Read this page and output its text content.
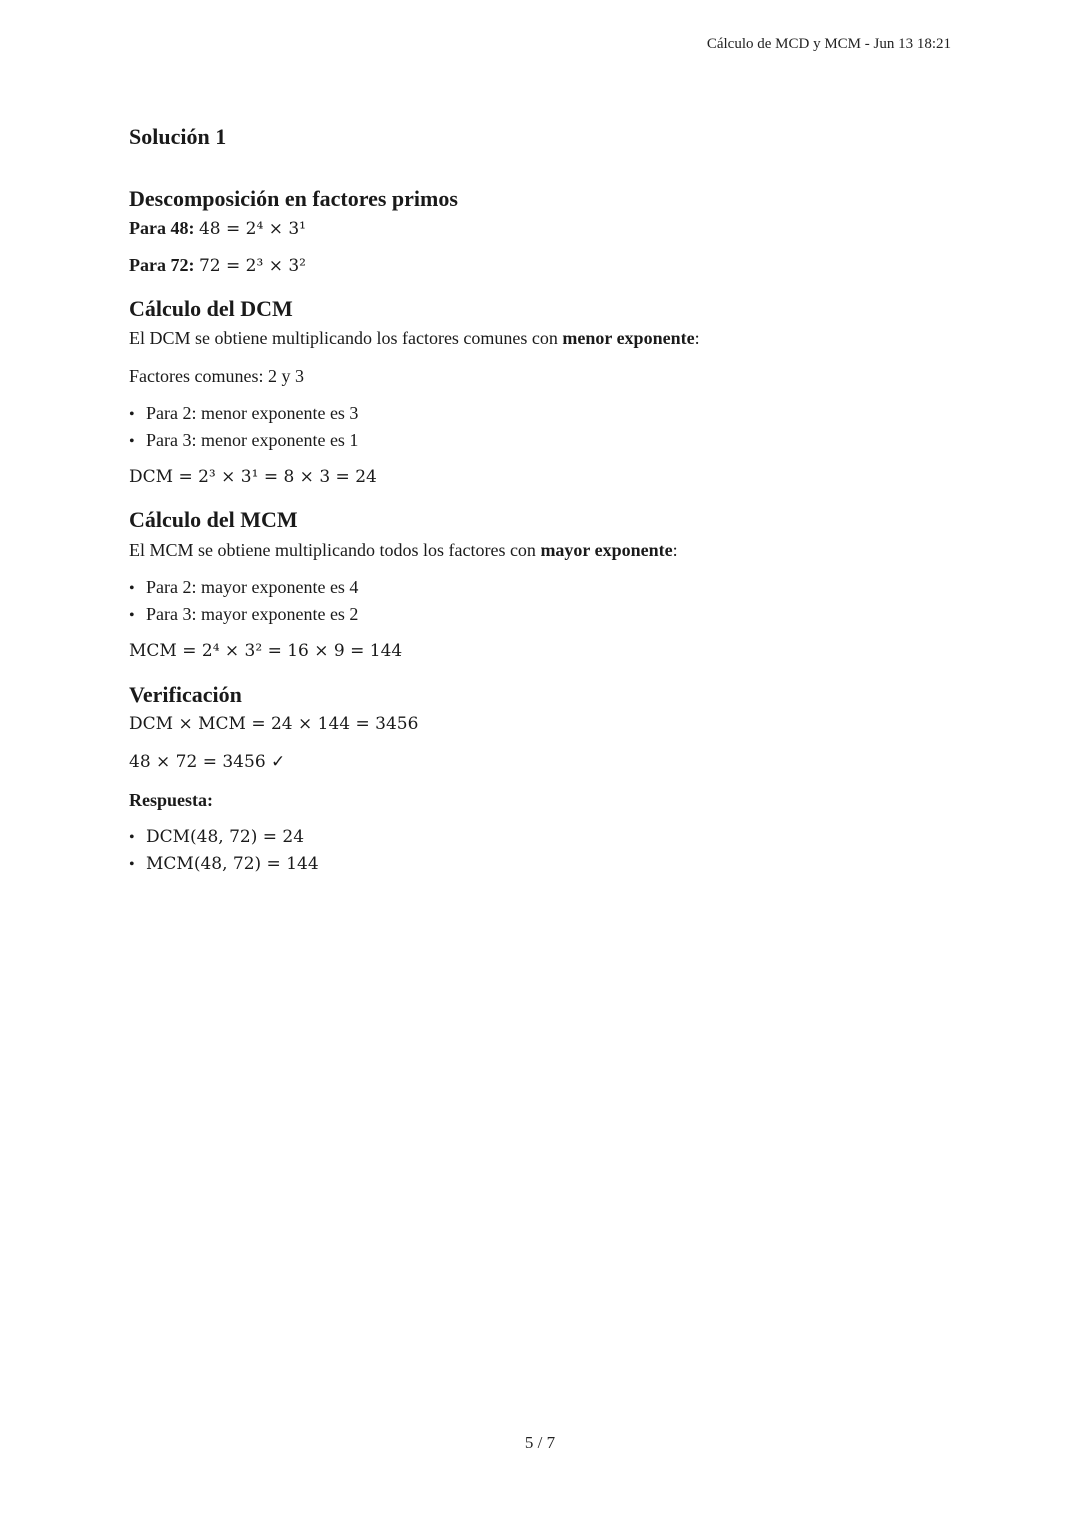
Cálculo de MCD y MCM - Jun 13 18:21
Solución 1
Descomposición en factores primos
Para 48: 48 = 2⁴ × 3¹
Para 72: 72 = 2³ × 3²
Cálculo del DCM
El DCM se obtiene multiplicando los factores comunes con menor exponente:
Factores comunes: 2 y 3
• Para 2: menor exponente es 3
• Para 3: menor exponente es 1
DCM = 2³ × 3¹ = 8 × 3 = 24
Cálculo del MCM
El MCM se obtiene multiplicando todos los factores con mayor exponente:
• Para 2: mayor exponente es 4
• Para 3: mayor exponente es 2
MCM = 2⁴ × 3² = 16 × 9 = 144
Verificación
DCM × MCM = 24 × 144 = 3456
48 × 72 = 3456 ✓
Respuesta:
• DCM(48, 72) = 24
• MCM(48, 72) = 144
5 / 7
